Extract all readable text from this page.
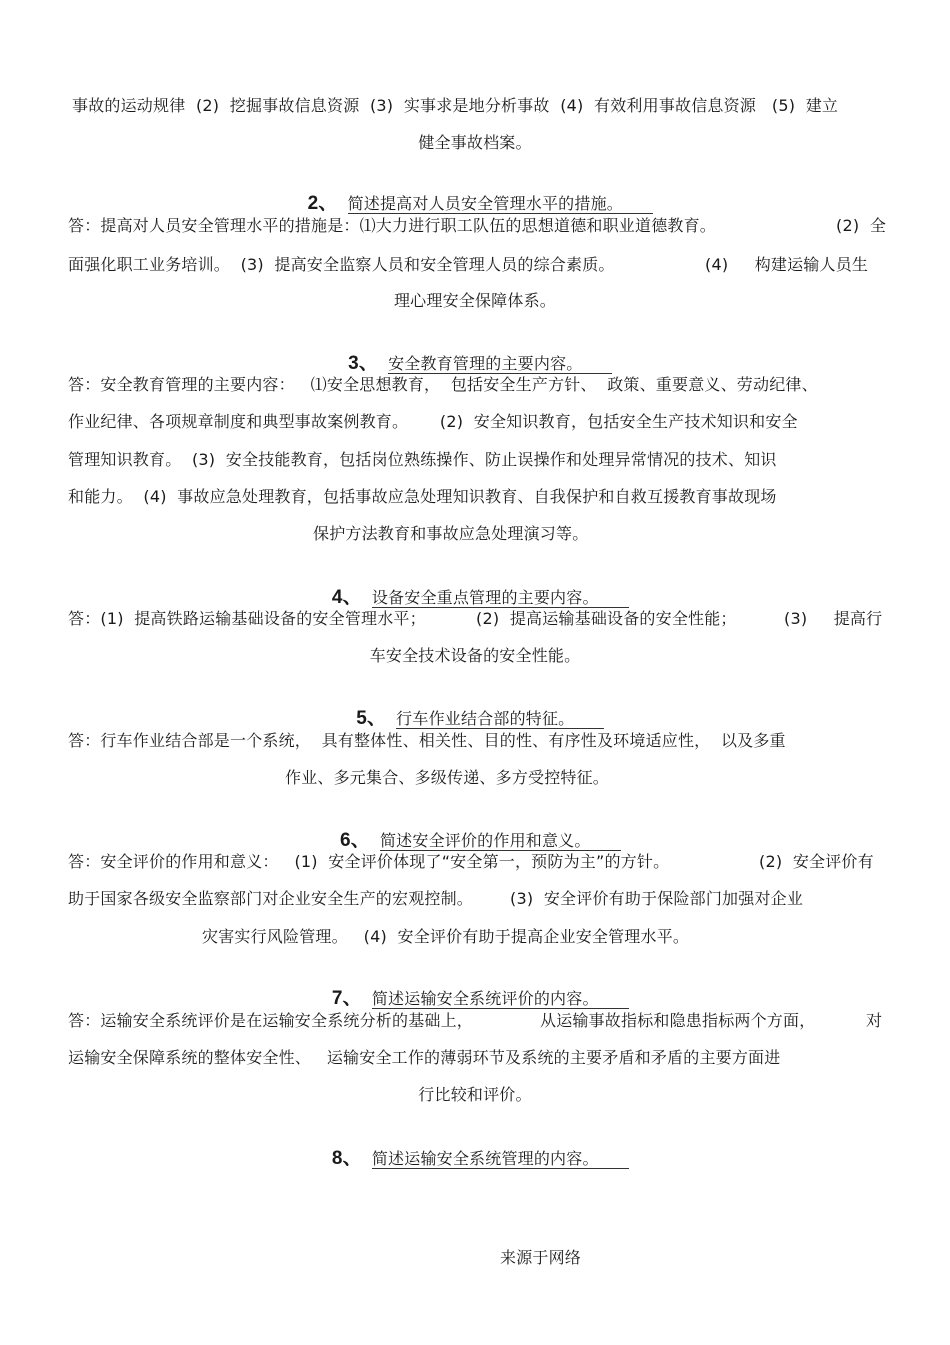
事故的运动规律  (2)  挖掘事故信息资源  (3)  实事求是地分析事故  (4)  有效利用事故信息资源   (5)  建立
健全事故档案。

2、 简述提高对人员安全管理水平的措施。

答：提高对人员安全管理水平的措施是：⑴大力进行职工队伍的思想道德和职业道德教育。	(2)  全
面强化职工业务培训。  (3)  提高安全监察人员和安全管理人员的综合素质。	(4)     构建运输人员生
理心理安全保障体系。

3、 安全教育管理的主要内容。

答：安全教育管理的主要内容：   ⑴安全思想教育，  包括安全生产方针、  政策、重要意义、劳动纪律、
作业纪律、各项规章制度和典型事故案例教育。      (2)  安全知识教育，包括安全生产技术知识和安全
管理知识教育。  (3)  安全技能教育，包括岗位熟练操作、防止误操作和处理异常情况的技术、知识
和能力。  (4)  事故应急处理教育，包括事故应急处理知识教育、自我保护和自救互援教育事故现场
保护方法教育和事故应急处理演习等。

4、 设备安全重点管理的主要内容。

答：(1)  提高铁路运输基础设备的安全管理水平；	(2)  提高运输基础设备的安全性能；	(3)     提高行
车安全技术设备的安全性能。

5、 行车作业结合部的特征。

答：行车作业结合部是一个系统，  具有整体性、相关性、目的性、有序性及环境适应性，  以及多重
作业、多元集合、多级传递、多方受控特征。

6、 简述安全评价的作用和意义。

答：安全评价的作用和意义：   (1)  安全评价体现了“安全第一，预防为主”的方针。	(2)  安全评价有
助于国家各级安全监察部门对企业安全生产的宏观控制。       (3)  安全评价有助于保险部门加强对企业
灾害实行风险管理。   (4)  安全评价有助于提高企业安全管理水平。

7、 简述运输安全系统评价的内容。

答：运输安全系统评价是在运输安全系统分析的基础上，	从运输事故指标和隐患指标两个方面，	对
运输安全保障系统的整体安全性、   运输安全工作的薄弱环节及系统的主要矛盾和矛盾的主要方面进
行比较和评价。

8、 简述运输安全系统管理的内容。

来源于网络
